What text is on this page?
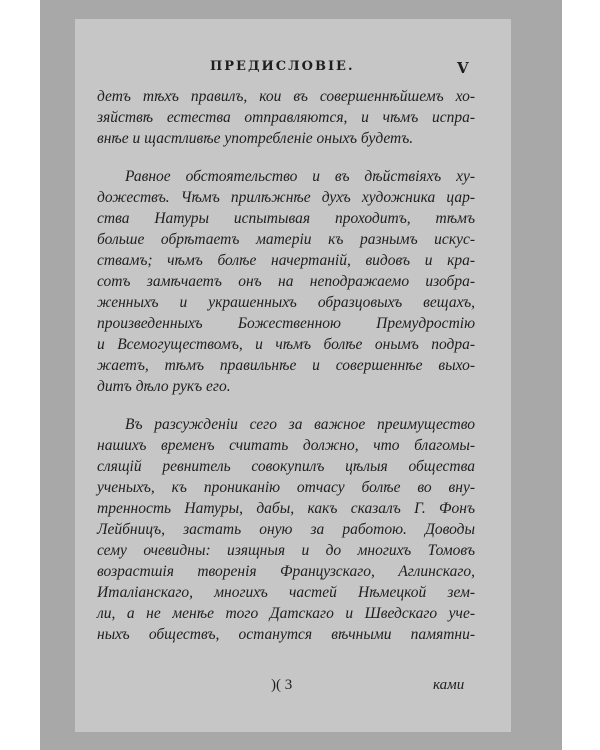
ПРЕДИСЛОВIЕ.	V
детъ тѣхъ правилъ, кои въ совершеннѣйшемъ хо-
зяйствѣ естества отправляются, и чѣмъ испра-
внѣе и щастливѣе употребленiе оныхъ будетъ.
Равное обстоятельство и въ дѣйствiяхъ ху-
дожествъ. Чѣмъ прилѣжнѣе духъ художника цар-
ства Натуры испытывая проходитъ, тѣмъ
больше обрѣтаетъ матерiи къ разнымъ искус-
ствамъ; чѣмъ болѣе начертанiй, видовъ и кра-
сотъ замѣчаетъ онъ на неподражаемо изобра-
женныхъ и украшенныхъ образцовыхъ вещахъ,
произведенныхъ Божественною Премудростiю
и Всемогуществомъ, и чѣмъ болѣе онымъ подра-
жаетъ, тѣмъ правильнѣе и совершеннѣе выхо-
дитъ дѣло рукъ его.
Въ разсужденiи сего за важное преимущество
нашихъ временъ считать должно, что благомы-
слящiй ревнитель совокупилъ цѣлыя общества
ученыхъ, къ прониканiю отчасу болѣе во вну-
тренность Натуры, дабы, какъ сказалъ Г. Фонъ
Лейбницъ, застать оную за работою. Доводы
сему очевидны: изящныя и до многихъ Томовъ
возрастшiя творенiя Французскаго, Аглинскаго,
Италiанскаго, многихъ частей Нѣмецкой зем-
ли, а не менѣе того Датскаго и Шведскаго уче-
ныхъ обществъ, останутся вѣчными памятни-
)( 3	ками
